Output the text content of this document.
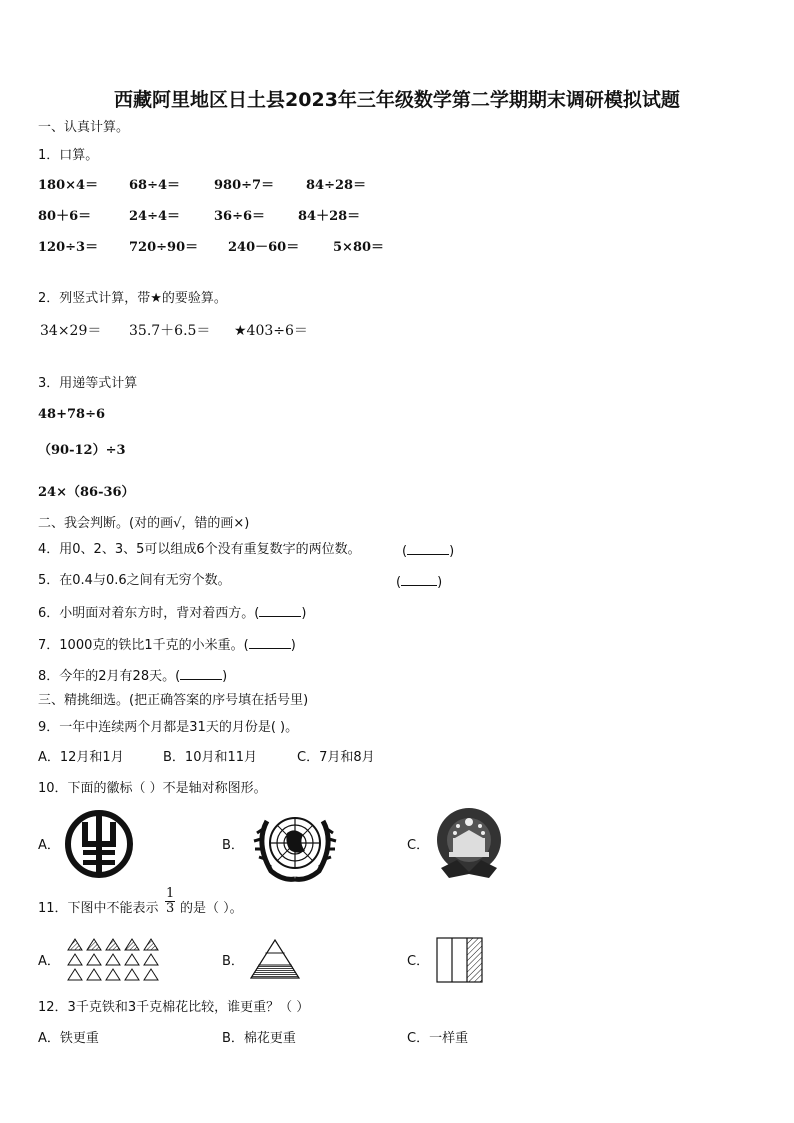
西藏阿里地区日土县2023年三年级数学第二学期期末调研模拟试题
一、认真计算。
1．口算。
180×4＝ 68÷4＝	980÷7＝ 84÷28＝
80＋6＝	24÷4＝	36÷6＝	84＋28＝
120÷3＝ 720÷90＝ 240－60＝	5×80＝
2．列竖式计算，带★的要验算。
34×29＝ 35.7＋6.5＝ ★403÷6＝
3．用递等式计算
48+78÷6
（90-12）÷3
24×（86-36）
二、我会判断。(对的画√，错的画×)
4．用0、2、3、5可以组成6个没有重复数字的两位数。	(	)
5．在0.4与0.6之间有无穷个数。	(	)
6．小明面对着东方时，背对着西方。(	)
7．1000克的铁比1千克的小米重。(	)
8．今年的2月有28天。(	)
三、精挑细选。(把正确答案的序号填在括号里)
9．一年中连续两个月都是31天的月份是( )。
A．12月和1月	B．10月和11月	C．7月和8月
10．下面的徽标（ ）不是轴对称图形。
A．	B．	C．
11．下图中不能表示 $\frac{1}{3}$ 的是（ ）。
A．	B．	C．
12．3千克铁和3千克棉花比较，谁更重？（ ）
A．铁更重	B．棉花更重	C．一样重
